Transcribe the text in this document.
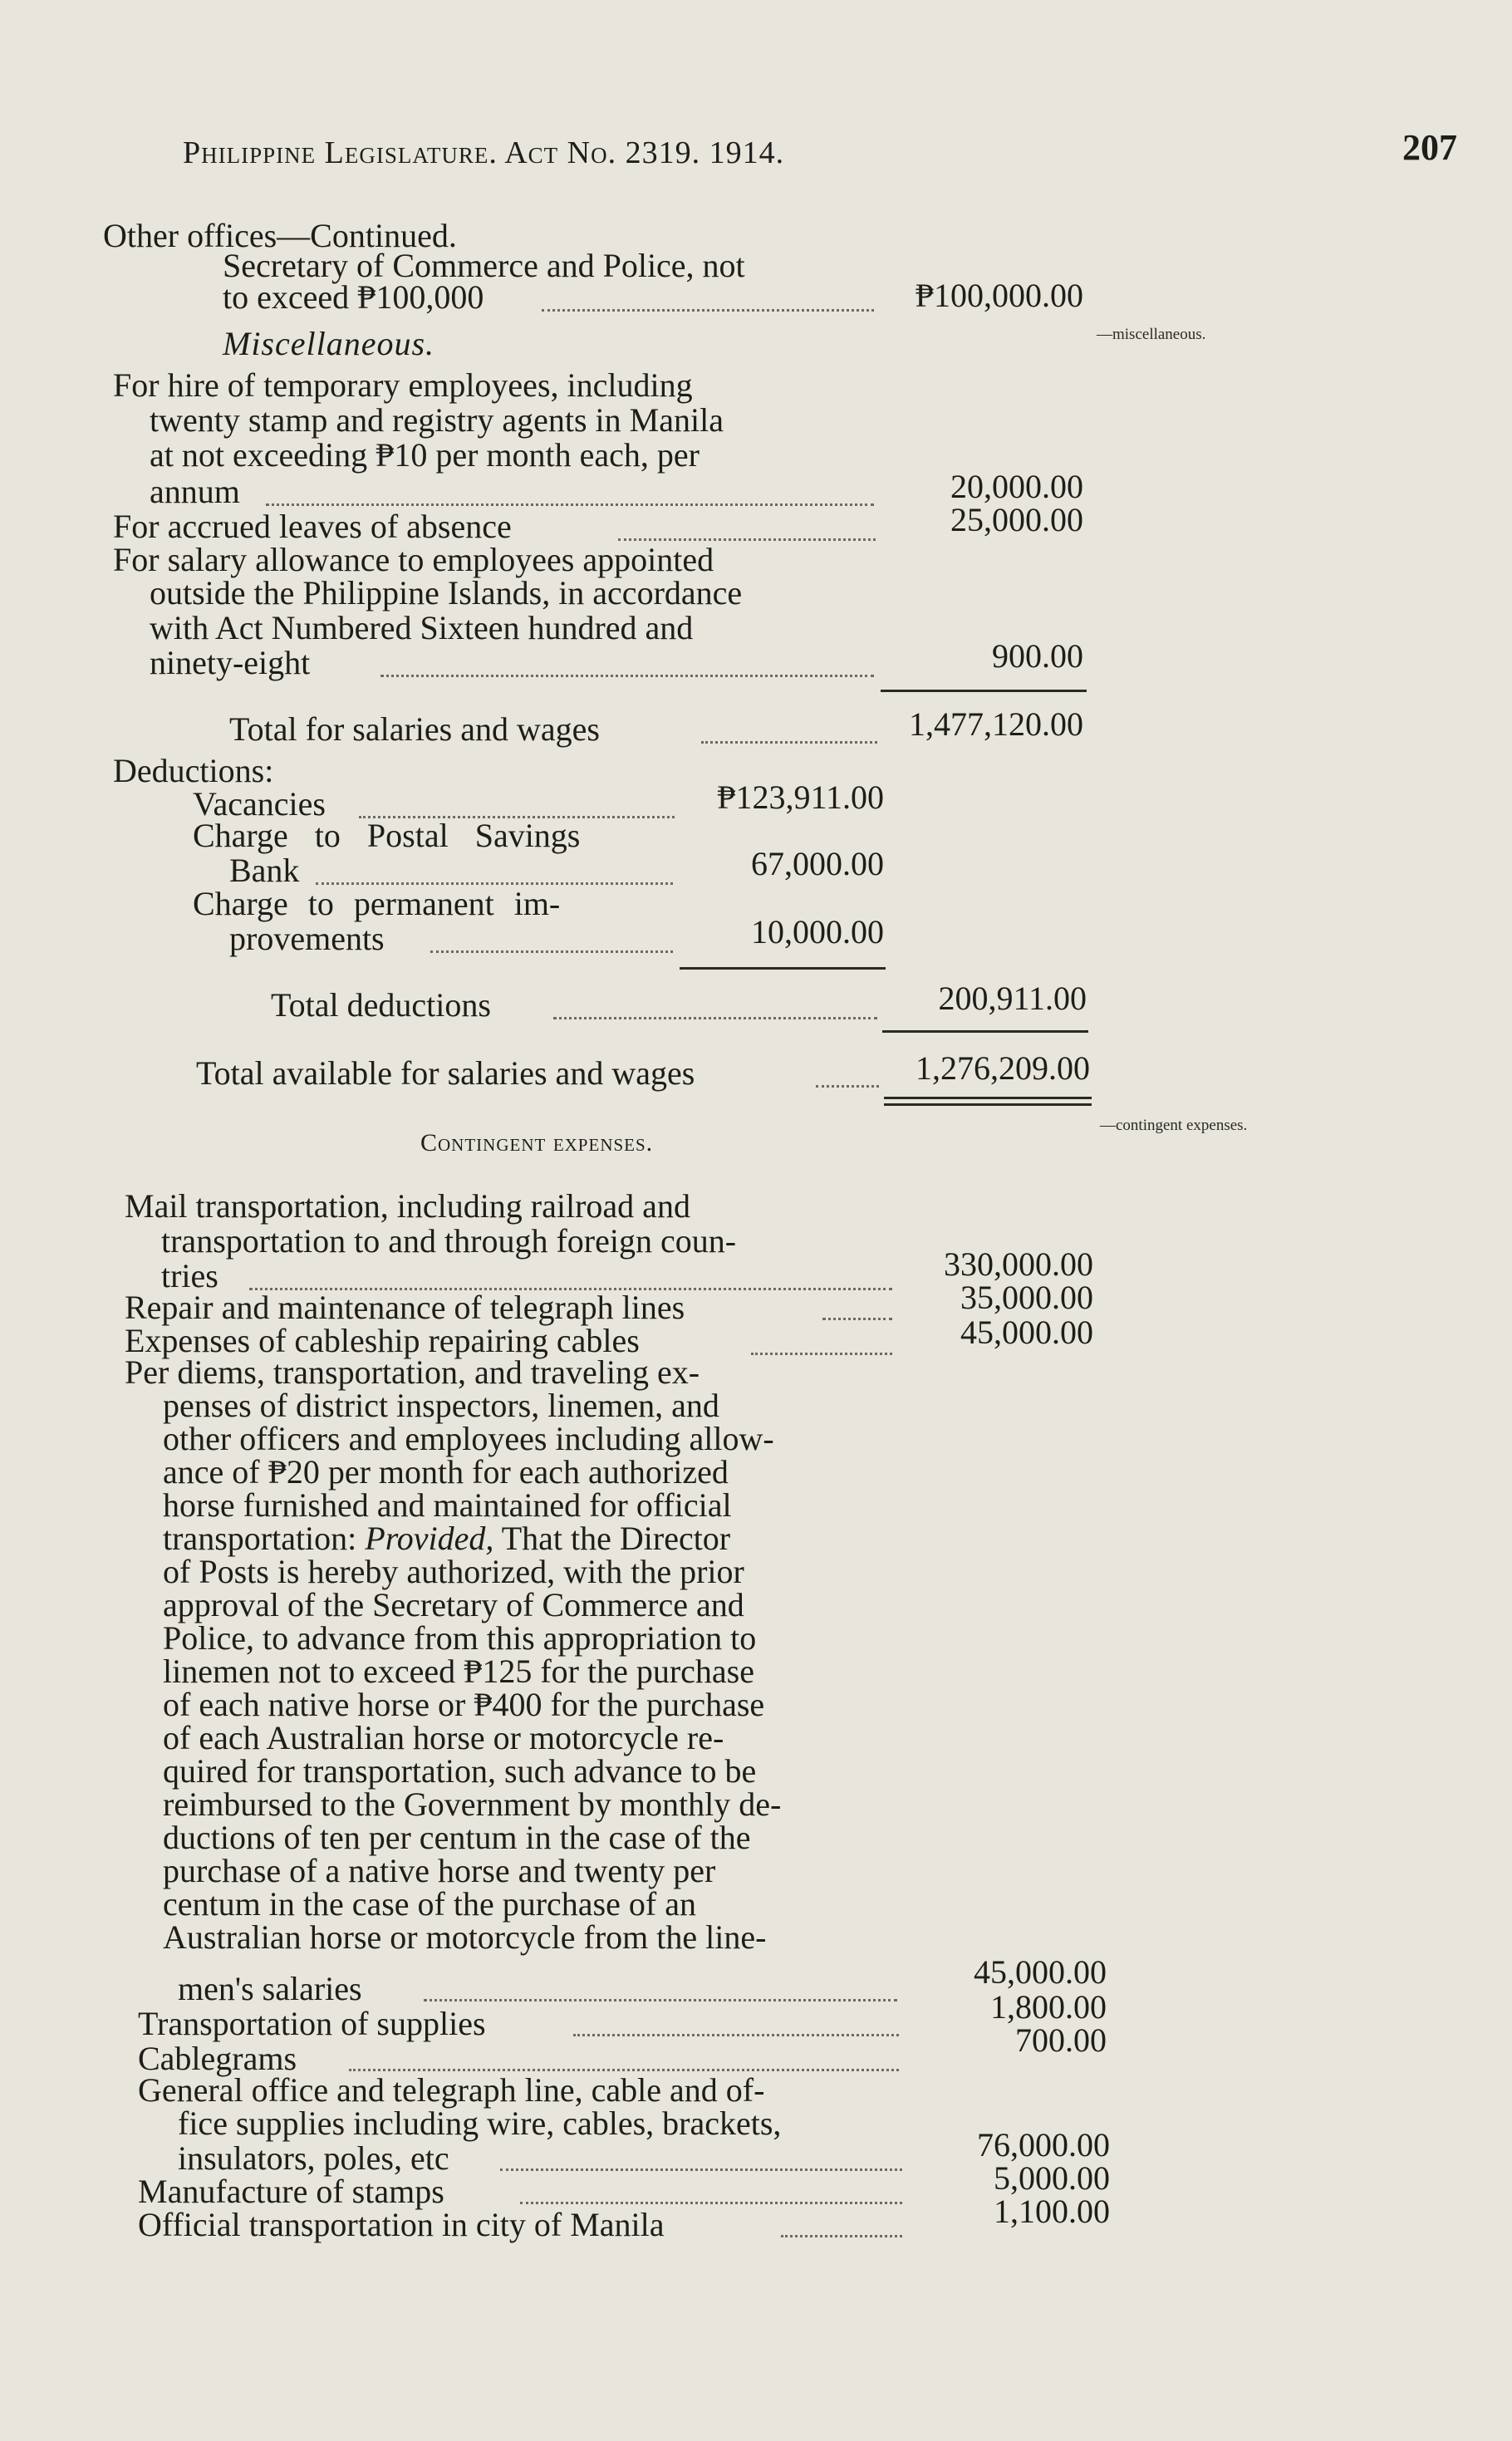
Philippine Legislature. Act No. 2319. 1914.	207
Other offices—Continued.
Secretary of Commerce and Police, not
to exceed ₱100,000	₱100,000.00
Miscellaneous.	—miscellaneous.
For hire of temporary employees, including
twenty stamp and registry agents in Manila
at not exceeding ₱10 per month each, per
annum	20,000.00
For accrued leaves of absence	25,000.00
For salary allowance to employees appointed
outside the Philippine Islands, in accordance
with Act Numbered Sixteen hundred and
ninety-eight	900.00
Total for salaries and wages	1,477,120.00
Deductions:
Vacancies	₱123,911.00
Charge to Postal Savings
Bank	67,000.00
Charge to permanent im-
provements	10,000.00
Total deductions	200,911.00
Total available for salaries and wages	1,276,209.00
Contingent expenses.
—contingent expenses.
Mail transportation, including railroad and
transportation to and through foreign coun-
tries	330,000.00
Repair and maintenance of telegraph lines	35,000.00
Expenses of cableship repairing cables	45,000.00
Per diems, transportation, and traveling ex-
penses of district inspectors, linemen, and
other officers and employees including allow-
ance of ₱20 per month for each authorized
horse furnished and maintained for official
transportation: Provided, That the Director
of Posts is hereby authorized, with the prior
approval of the Secretary of Commerce and
Police, to advance from this appropriation to
linemen not to exceed ₱125 for the purchase
of each native horse or ₱400 for the purchase
of each Australian horse or motorcycle re-
quired for transportation, such advance to be
reimbursed to the Government by monthly de-
ductions of ten per centum in the case of the
purchase of a native horse and twenty per
centum in the case of the purchase of an
Australian horse or motorcycle from the line-
men's salaries	45,000.00
Transportation of supplies	1,800.00
Cablegrams	700.00
General office and telegraph line, cable and of-
fice supplies including wire, cables, brackets,
insulators, poles, etc	76,000.00
Manufacture of stamps	5,000.00
Official transportation in city of Manila	1,100.00
